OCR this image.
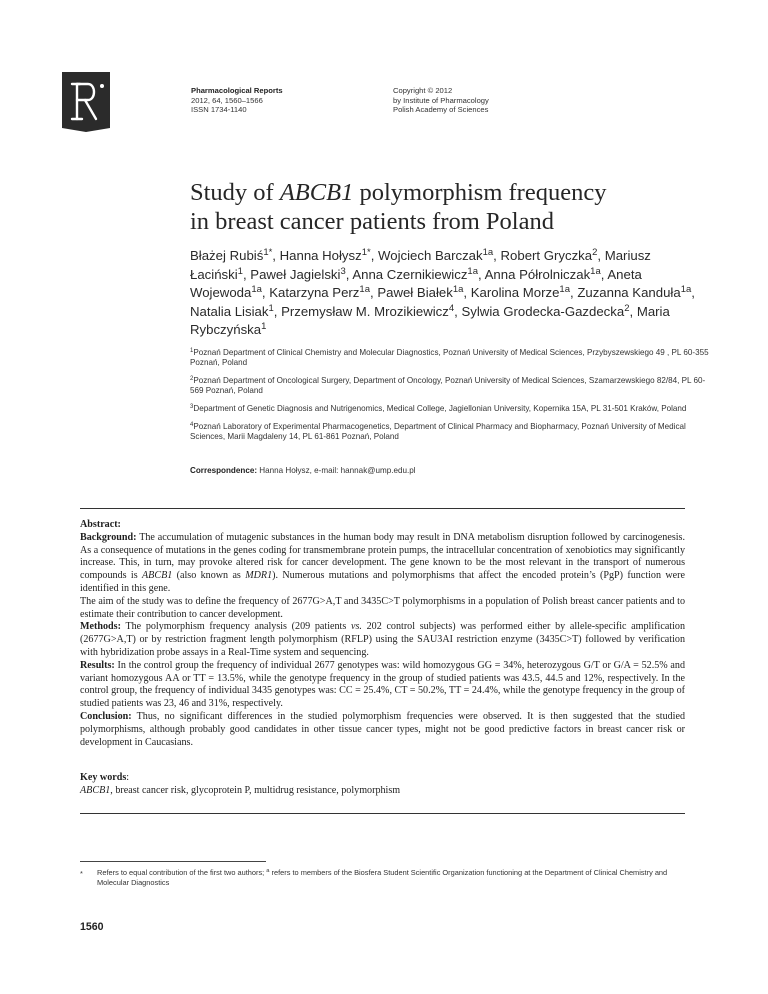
Pharmacological Reports
2012, 64, 1560–1566
ISSN 1734-1140
Copyright © 2012
by Institute of Pharmacology
Polish Academy of Sciences
Study of ABCB1 polymorphism frequency
in breast cancer patients from Poland
Błażej Rubiś$^{1*}$, Hanna Hołysz$^{1*}$, Wojciech Barczak$^{1a}$, Robert Gryczka$^2$, Mariusz Łaciński$^1$, Paweł Jagielski$^3$, Anna Czernikiewicz$^{1a}$, Anna Półrolniczak$^{1a}$, Aneta Wojewoda$^{1a}$, Katarzyna Perz$^{1a}$, Paweł Białek$^{1a}$, Karolina Morze$^{1a}$, Zuzanna Kanduła$^{1a}$, Natalia Lisiak$^1$, Przemysław M. Mrozikiewicz$^4$, Sylwia Grodecka-Gazdecka$^2$, Maria Rybczyńska$^1$

$^1$Poznań Department of Clinical Chemistry and Molecular Diagnostics, Poznań University of Medical Sciences, Przybyszewskiego 49 , PL 60-355 Poznań, Poland

$^2$Poznań Department of Oncological Surgery, Department of Oncology, Poznań University of Medical Sciences, Szamarzewskiego 82/84, PL 60-569 Poznań, Poland

$^3$Department of Genetic Diagnosis and Nutrigenomics, Medical College, Jagiellonian University, Kopernika 15A, PL 31-501 Kraków, Poland

$^4$Poznań Laboratory of Experimental Pharmacogenetics, Department of Clinical Pharmacy and Biopharmacy, Poznań University of Medical Sciences, Marii Magdaleny 14, PL 61-861 Poznań, Poland

Correspondence: Hanna Hołysz, e-mail: hannak@ump.edu.pl

Abstract:

Background: The accumulation of mutagenic substances in the human body may result in DNA metabolism disruption followed by carcinogenesis. As a consequence of mutations in the genes coding for transmembrane protein pumps, the intracellular concentration of xenobiotics may significantly increase. This, in turn, may provoke altered risk for cancer development. The gene known to be the most relevant in the transport of numerous compounds is ABCB1 (also known as MDR1). Numerous mutations and polymorphisms that affect the encoded protein’s (PgP) function were identified in this gene.

The aim of the study was to define the frequency of 2677G>A,T and 3435C>T polymorphisms in a population of Polish breast cancer patients and to estimate their contribution to cancer development.

Methods: The polymorphism frequency analysis (209 patients vs. 202 control subjects) was performed either by allele-specific amplification (2677G>A,T) or by restriction fragment length polymorphism (RFLP) using the SAU3AI restriction enzyme (3435C>T) followed by verification with hybridization probe assays in a Real-Time system and sequencing.

Results: In the control group the frequency of individual 2677 genotypes was: wild homozygous GG = 34%, heterozygous G/T or G/A = 52.5% and variant homozygous AA or TT = 13.5%, while the genotype frequency in the group of studied patients was 43.5, 44.5 and 12%, respectively. In the control group, the frequency of individual 3435 genotypes was: CC = 25.4%, CT = 50.2%, TT = 24.4%, while the genotype frequency in the group of studied patients was 23, 46 and 31%, respectively.

Conclusion: Thus, no significant differences in the studied polymorphism frequencies were observed. It is then suggested that the studied polymorphisms, although probably good candidates in other tissue cancer types, might not be good predictive factors in breast cancer risk or development in Caucasians.

Key words:

ABCB1, breast cancer risk, glycoprotein P, multidrug resistance, polymorphism

* Refers to equal contribution of the first two authors; $^a$ refers to members of the Biosfera Student Scientific Organization functioning at the Department of Clinical Chemistry and Molecular Diagnostics
1560
